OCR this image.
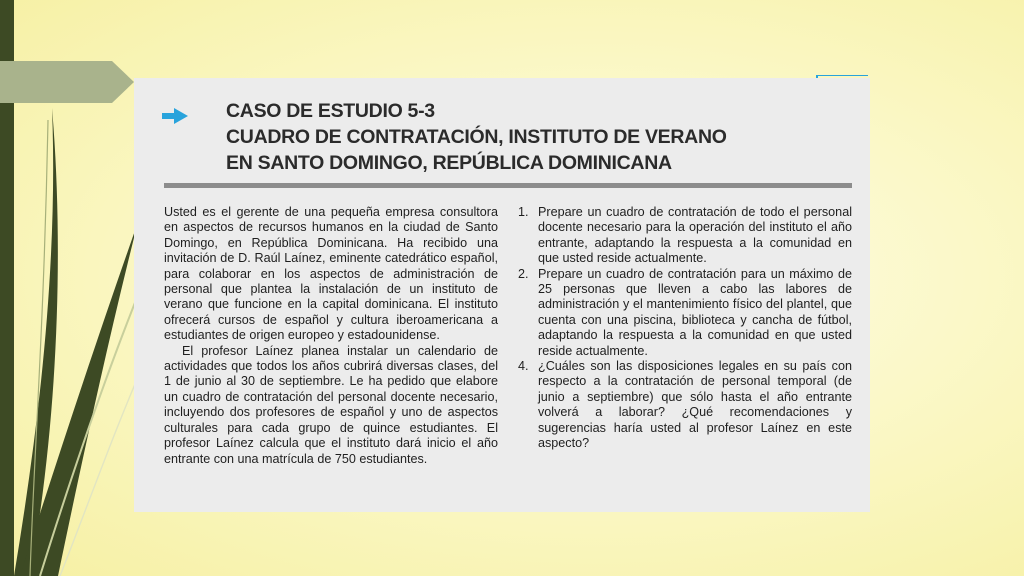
CASO DE ESTUDIO 5-3
CUADRO DE CONTRATACIÓN, INSTITUTO DE VERANO
EN SANTO DOMINGO, REPÚBLICA DOMINICANA

Usted es el gerente de una pequeña empresa consultora en aspectos de recursos humanos en la ciudad de Santo Domingo, en República Dominicana. Ha recibido una invitación de D. Raúl Laínez, eminente catedrático español, para colaborar en los aspectos de administración de personal que plantea la instalación de un instituto de verano que funcione en la capital dominicana. El instituto ofrecerá cursos de español y cultura iberoamericana a estudiantes de origen europeo y estadounidense.

El profesor Laínez planea instalar un calendario de actividades que todos los años cubrirá diversas clases, del 1 de junio al 30 de septiembre. Le ha pedido que elabore un cuadro de contratación del personal docente necesario, incluyendo dos profesores de español y uno de aspectos culturales para cada grupo de quince estudiantes. El profesor Laínez calcula que el instituto dará inicio el año entrante con una matrícula de 750 estudiantes.

1. Prepare un cuadro de contratación de todo el personal docente necesario para la operación del instituto el año entrante, adaptando la respuesta a la comunidad en que usted reside actualmente.
2. Prepare un cuadro de contratación para un máximo de 25 personas que lleven a cabo las labores de administración y el mantenimiento físico del plantel, que cuenta con una piscina, biblioteca y cancha de fútbol, adaptando la respuesta a la comunidad en que usted reside actualmente.
4. ¿Cuáles son las disposiciones legales en su país con respecto a la contratación de personal temporal (de junio a septiembre) que sólo hasta el año entrante volverá a laborar? ¿Qué recomendaciones y sugerencias haría usted al profesor Laínez en este aspecto?
